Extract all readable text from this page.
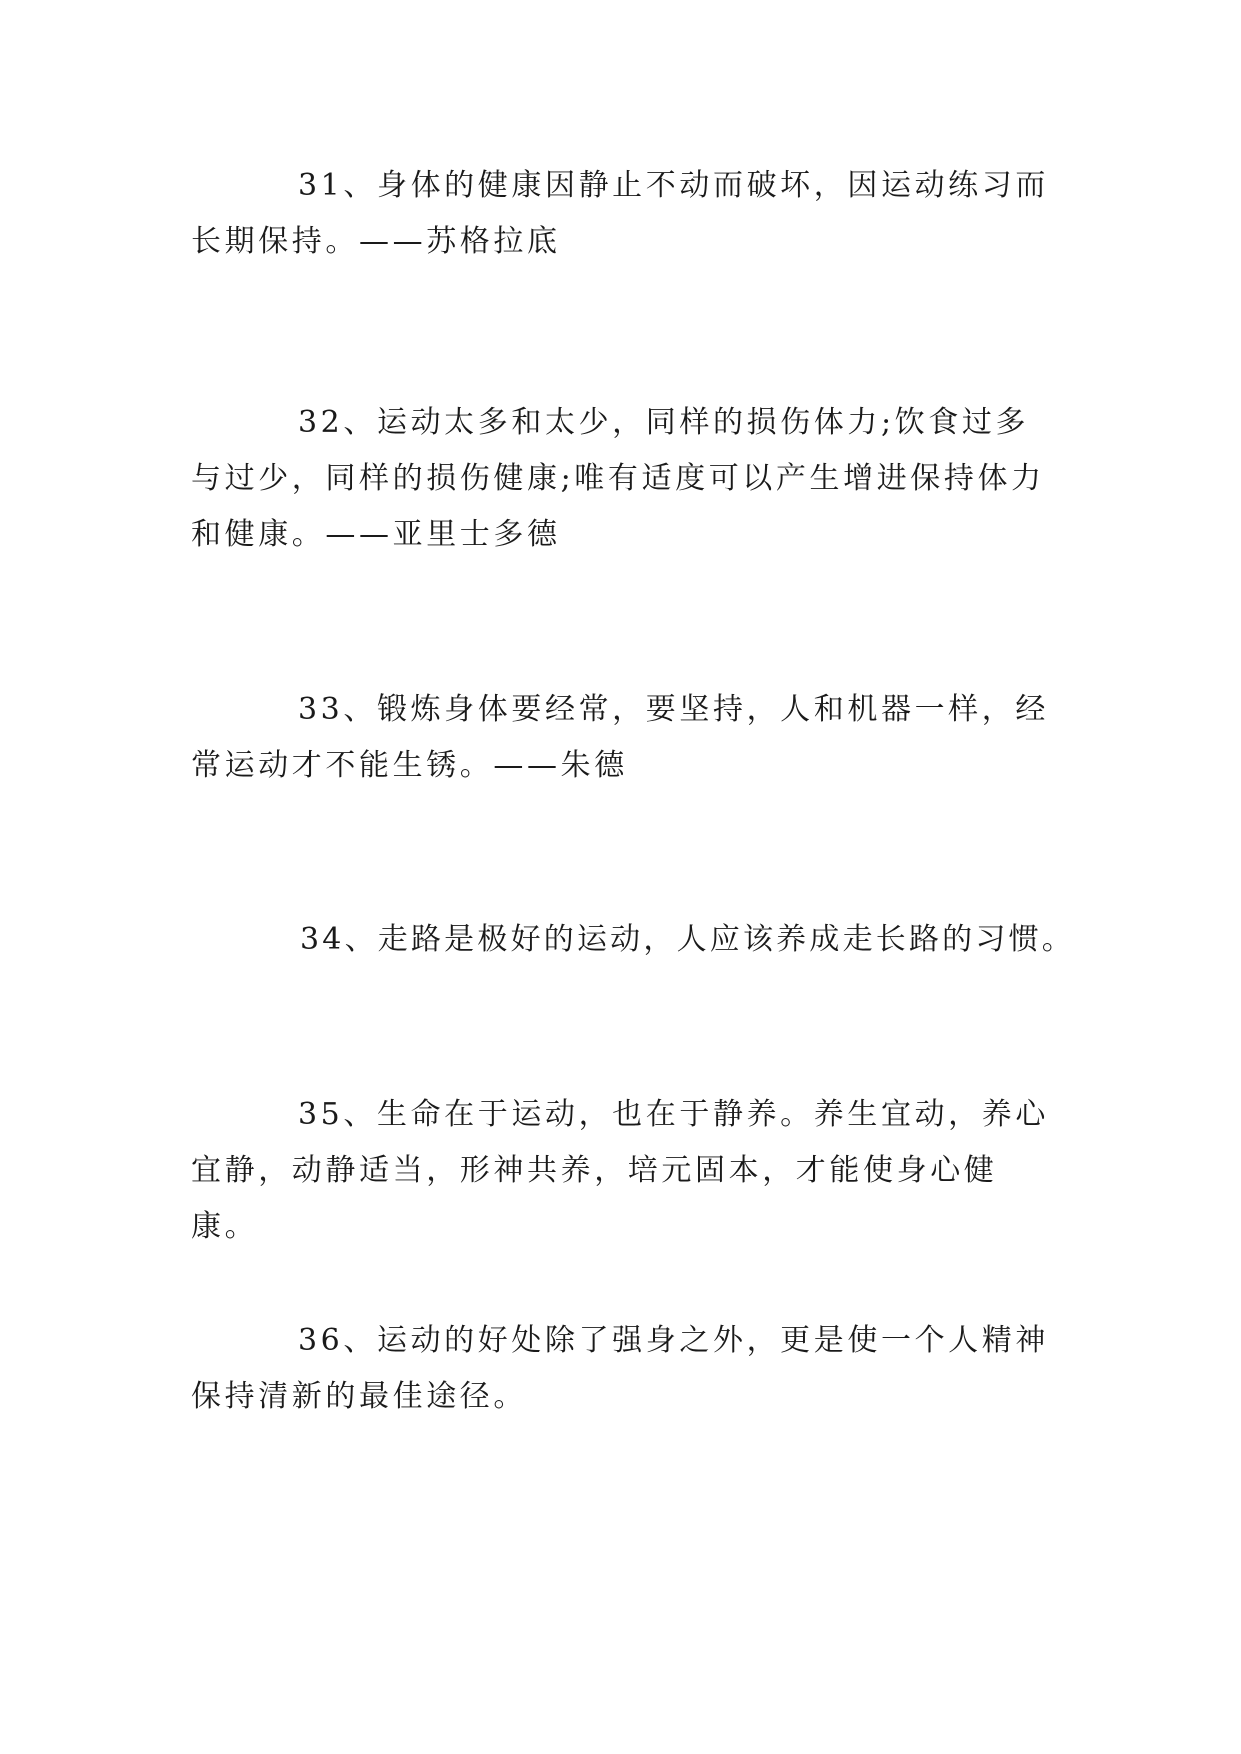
31、身体的健康因静止不动而破坏，因运动练习而长期保持。——苏格拉底

32、运动太多和太少，同样的损伤体力;饮食过多与过少，同样的损伤健康;唯有适度可以产生增进保持体力和健康。——亚里士多德

33、锻炼身体要经常，要坚持，人和机器一样，经常运动才不能生锈。——朱德

34、走路是极好的运动，人应该养成走长路的习惯。

35、生命在于运动，也在于静养。养生宜动，养心宜静，动静适当，形神共养，培元固本，才能使身心健康。

36、运动的好处除了强身之外，更是使一个人精神保持清新的最佳途径。
